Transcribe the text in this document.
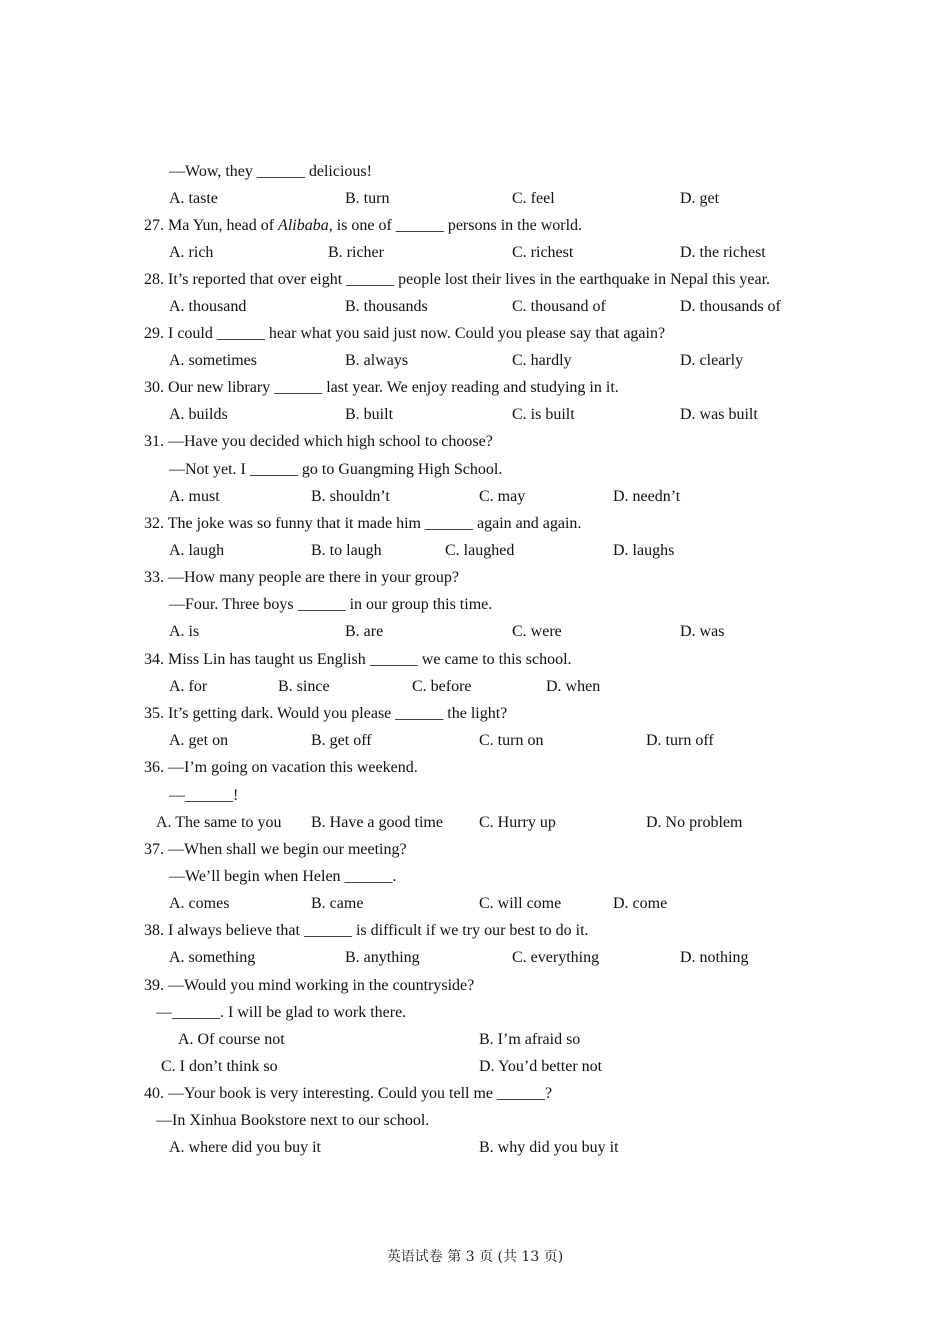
—Wow, they ______ delicious!
A. taste	B. turn	C. feel	D. get
27. Ma Yun, head of Alibaba, is one of ______ persons in the world.
A. rich	B. richer	C. richest	D. the richest
28. It’s reported that over eight ______ people lost their lives in the earthquake in Nepal this year.
A. thousand	B. thousands	C. thousand of	D. thousands of
29. I could ______ hear what you said just now. Could you please say that again?
A. sometimes	B. always	C. hardly	D. clearly
30. Our new library ______ last year. We enjoy reading and studying in it.
A. builds	B. built	C. is built	D. was built
31. —Have you decided which high school to choose?
—Not yet. I ______ go to Guangming High School.
A. must	B. shouldn’t	C. may	D. needn’t
32. The joke was so funny that it made him ______ again and again.
A. laugh	B. to laugh	C. laughed	D. laughs
33. —How many people are there in your group?
—Four. Three boys ______ in our group this time.
A. is	B. are	C. were	D. was
34. Miss Lin has taught us English ______ we came to this school.
A. for	B. since	C. before	D. when
35. It’s getting dark. Would you please ______ the light?
A. get on	B. get off	C. turn on	D. turn off
36. —I’m going on vacation this weekend.
—______!
A. The same to you B. Have a good time C. Hurry up	D. No problem
37. —When shall we begin our meeting?
—We’ll begin when Helen ______.
A. comes	B. came	C. will come	D. come
38. I always believe that ______ is difficult if we try our best to do it.
A. something	B. anything	C. everything	D. nothing
39. —Would you mind working in the countryside?
—______. I will be glad to work there.
A. Of course not	B. I’m afraid so
C. I don’t think so	D. You’d better not
40. —Your book is very interesting. Could you tell me ______?
—In Xinhua Bookstore next to our school.
A. where did you buy it	B. why did you buy it
英语试卷 第 3 页 (共 13 页)
